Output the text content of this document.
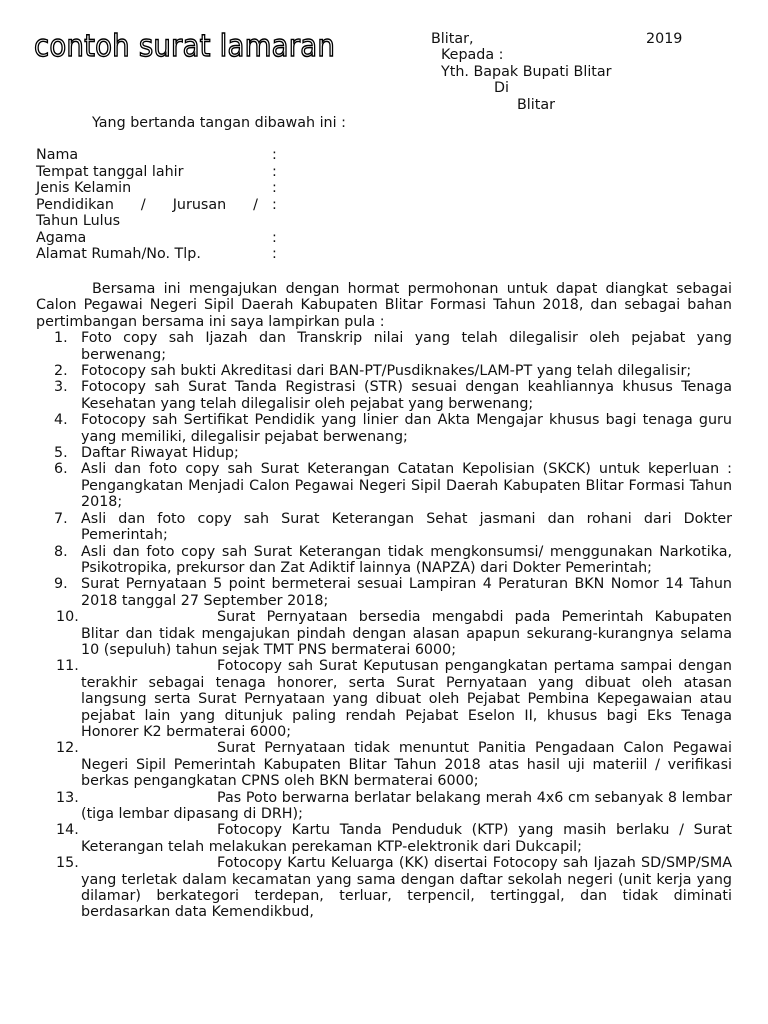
contoh surat lamaran	Blitar,	2019
Kepada :
Yth. Bapak Bupati Blitar
Di
Blitar
Yang bertanda tangan dibawah ini :
Nama	:
Tempat tanggal lahir	:
Jenis Kelamin	:
Pendidikan / Jurusan / :
Tahun Lulus
Agama	:
Alamat Rumah/No. Tlp.	:

Bersama ini mengajukan dengan hormat permohonan untuk dapat diangkat sebagai Calon Pegawai Negeri Sipil Daerah Kabupaten Blitar Formasi Tahun 2018, dan sebagai bahan pertimbangan bersama ini saya lampirkan pula :

1. Foto copy sah Ijazah dan Transkrip nilai yang telah dilegalisir oleh pejabat yang berwenang;
2. Fotocopy sah bukti Akreditasi dari BAN-PT/Pusdiknakes/LAM-PT yang telah dilegalisir;
3. Fotocopy sah Surat Tanda Registrasi (STR) sesuai dengan keahliannya khusus Tenaga Kesehatan yang telah dilegalisir oleh pejabat yang berwenang;
4. Fotocopy sah Sertifikat Pendidik yang linier dan Akta Mengajar khusus bagi tenaga guru yang memiliki, dilegalisir pejabat berwenang;
5. Daftar Riwayat Hidup;
6. Asli dan foto copy sah Surat Keterangan Catatan Kepolisian (SKCK) untuk keperluan : Pengangkatan Menjadi Calon Pegawai Negeri Sipil Daerah Kabupaten Blitar Formasi Tahun 2018;
7. Asli dan foto copy sah Surat Keterangan Sehat jasmani dan rohani dari Dokter Pemerintah;
8. Asli dan foto copy sah Surat Keterangan tidak mengkonsumsi/ menggunakan Narkotika, Psikotropika, prekursor dan Zat Adiktif lainnya (NAPZA) dari Dokter Pemerintah;
9. Surat Pernyataan 5 point bermeterai sesuai Lampiran 4 Peraturan BKN Nomor 14 Tahun 2018 tanggal 27 September 2018;
10.	Surat Pernyataan bersedia mengabdi pada Pemerintah Kabupaten Blitar dan tidak mengajukan pindah dengan alasan apapun sekurang-kurangnya selama 10 (sepuluh) tahun sejak TMT PNS bermaterai 6000;
11.	Fotocopy sah Surat Keputusan pengangkatan pertama sampai dengan terakhir sebagai tenaga honorer, serta Surat Pernyataan yang dibuat oleh atasan langsung serta Surat Pernyataan yang dibuat oleh Pejabat Pembina Kepegawaian atau pejabat lain yang ditunjuk paling rendah Pejabat Eselon II, khusus bagi Eks Tenaga Honorer K2 bermaterai 6000;
12.	Surat Pernyataan tidak menuntut Panitia Pengadaan Calon Pegawai Negeri Sipil Pemerintah Kabupaten Blitar Tahun 2018 atas hasil uji materiil / verifikasi berkas pengangkatan CPNS oleh BKN bermaterai 6000;
13.	Pas Poto berwarna berlatar belakang merah 4x6 cm sebanyak 8 lembar (tiga lembar dipasang di DRH);
14.	Fotocopy Kartu Tanda Penduduk (KTP) yang masih berlaku / Surat Keterangan telah melakukan perekaman KTP-elektronik dari Dukcapil;
15.	Fotocopy Kartu Keluarga (KK) disertai Fotocopy sah Ijazah SD/SMP/SMA yang terletak dalam kecamatan yang sama dengan daftar sekolah negeri (unit kerja yang dilamar) berkategori terdepan, terluar, terpencil, tertinggal, dan tidak diminati berdasarkan data Kemendikbud,
